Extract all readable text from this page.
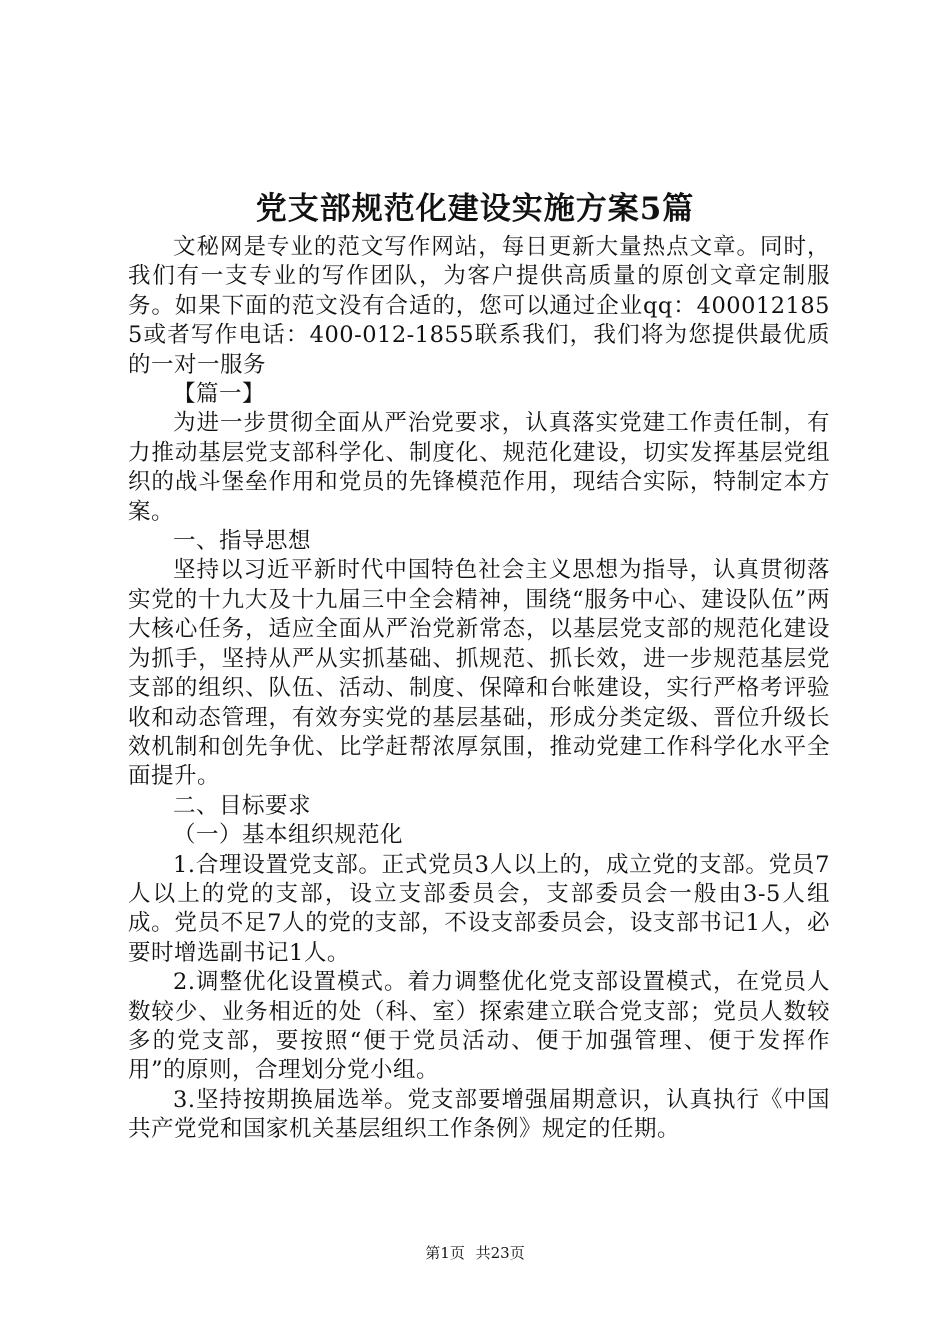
党支部规范化建设实施方案5篇

文秘网是专业的范文写作网站，每日更新大量热点文章。同时，我们有一支专业的写作团队，为客户提供高质量的原创文章定制服务。如果下面的范文没有合适的，您可以通过企业qq：4000121855或者写作电话：400-012-1855联系我们，我们将为您提供最优质的一对一服务

【篇一】

为进一步贯彻全面从严治党要求，认真落实党建工作责任制，有力推动基层党支部科学化、制度化、规范化建设，切实发挥基层党组织的战斗堡垒作用和党员的先锋模范作用，现结合实际，特制定本方案。

一、指导思想

坚持以习近平新时代中国特色社会主义思想为指导，认真贯彻落实党的十九大及十九届三中全会精神，围绕“服务中心、建设队伍”两大核心任务，适应全面从严治党新常态，以基层党支部的规范化建设为抓手，坚持从严从实抓基础、抓规范、抓长效，进一步规范基层党支部的组织、队伍、活动、制度、保障和台帐建设，实行严格考评验收和动态管理，有效夯实党的基层基础，形成分类定级、晋位升级长效机制和创先争优、比学赶帮浓厚氛围，推动党建工作科学化水平全面提升。

二、目标要求

（一）基本组织规范化

1.合理设置党支部。正式党员3人以上的，成立党的支部。党员7人以上的党的支部，设立支部委员会，支部委员会一般由3-5人组成。党员不足7人的党的支部，不设支部委员会，设支部书记1人，必要时增选副书记1人。

2.调整优化设置模式。着力调整优化党支部设置模式，在党员人数较少、业务相近的处（科、室）探索建立联合党支部；党员人数较多的党支部，要按照“便于党员活动、便于加强管理、便于发挥作用”的原则，合理划分党小组。

3.坚持按期换届选举。党支部要增强届期意识，认真执行《中国共产党党和国家机关基层组织工作条例》规定的任期。

第1页 共23页
